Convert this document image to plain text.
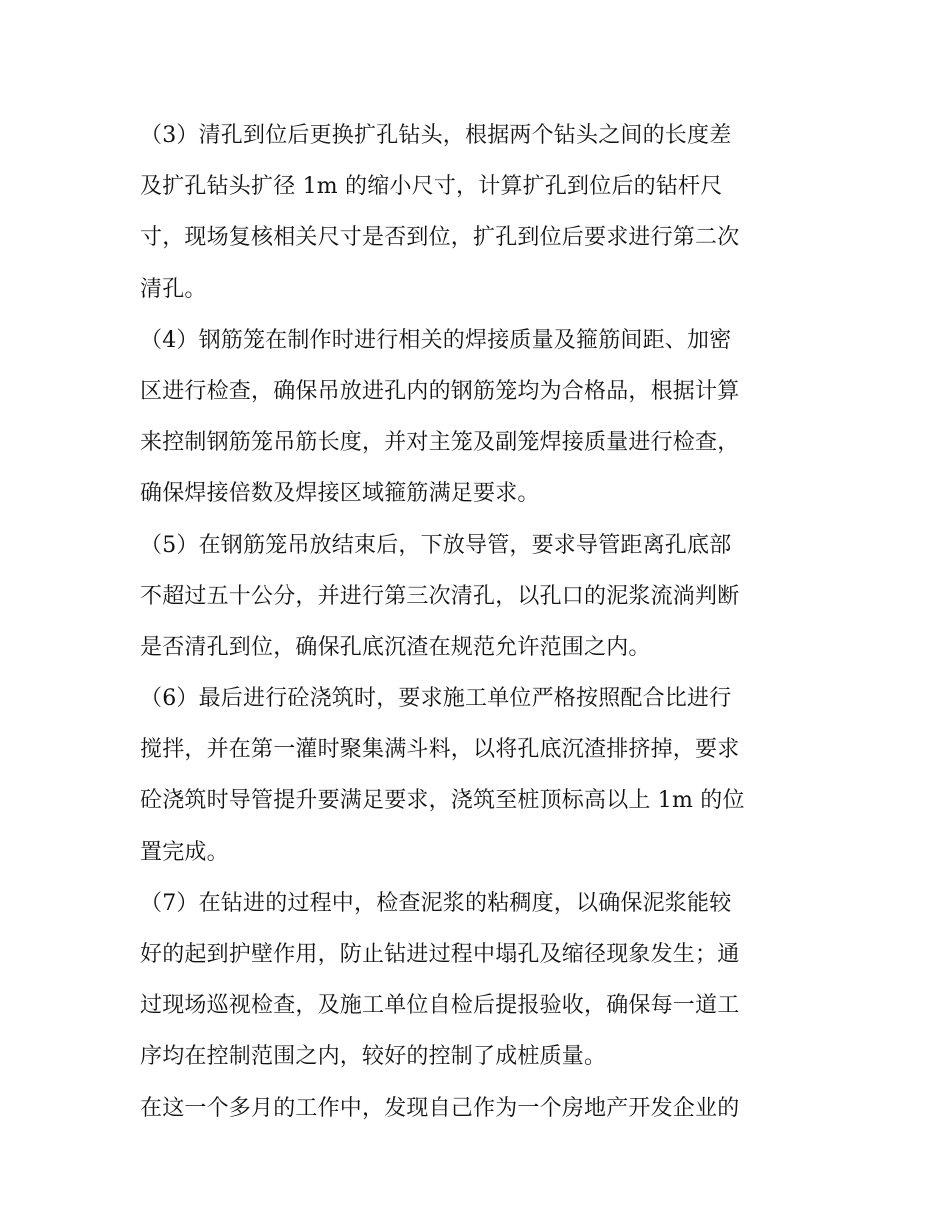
（3）清孔到位后更换扩孔钻头，根据两个钻头之间的长度差
及扩孔钻头扩径 1m 的缩小尺寸，计算扩孔到位后的钻杆尺
寸，现场复核相关尺寸是否到位，扩孔到位后要求进行第二次
清孔。
（4）钢筋笼在制作时进行相关的焊接质量及箍筋间距、加密
区进行检查，确保吊放进孔内的钢筋笼均为合格品，根据计算
来控制钢筋笼吊筋长度，并对主笼及副笼焊接质量进行检查，
确保焊接倍数及焊接区域箍筋满足要求。
（5）在钢筋笼吊放结束后，下放导管，要求导管距离孔底部
不超过五十公分，并进行第三次清孔，以孔口的泥浆流淌判断
是否清孔到位，确保孔底沉渣在规范允许范围之内。
（6）最后进行砼浇筑时，要求施工单位严格按照配合比进行
搅拌，并在第一灌时聚集满斗料，以将孔底沉渣排挤掉，要求
砼浇筑时导管提升要满足要求，浇筑至桩顶标高以上 1m 的位
置完成。
（7）在钻进的过程中，检查泥浆的粘稠度，以确保泥浆能较
好的起到护壁作用，防止钻进过程中塌孔及缩径现象发生；通
过现场巡视检查，及施工单位自检后提报验收，确保每一道工
序均在控制范围之内，较好的控制了成桩质量。
在这一个多月的工作中，发现自己作为一个房地产开发企业的
